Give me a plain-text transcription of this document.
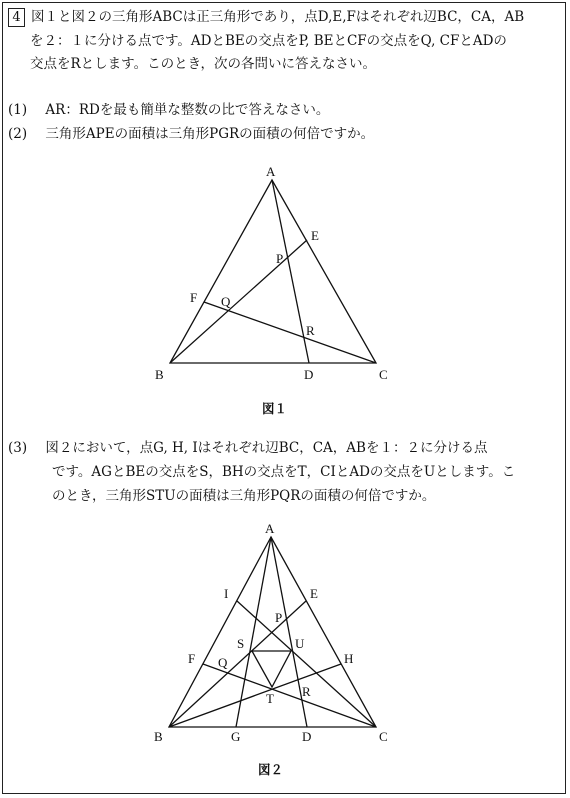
4 図１と図２の三角形ABCは正三角形であり，点D,E,Fはそれぞれ辺BC，CA，AB
を２：１に分ける点です。ADとBEの交点をP, BEとCFの交点をQ, CFとADの
交点をRとします。このとき，次の各問いに答えなさい。
(1) AR：RDを最も簡単な整数の比で答えなさい。
(2) 三角形APEの面積は三角形PGRの面積の何倍ですか。
(3) 図２において，点G, H, Iはそれぞれ辺BC，CA，ABを１：２に分ける点
です。AGとBEの交点をS，BHの交点をT，CIとADの交点をUとします。こ
のとき，三角形STUの面積は三角形PQRの面積の何倍ですか。
A
B	C
D
E
F
P
Q
R
図１
A
B	C
D
G
E
I
F	H
P
S	U
Q
R
T
図２
